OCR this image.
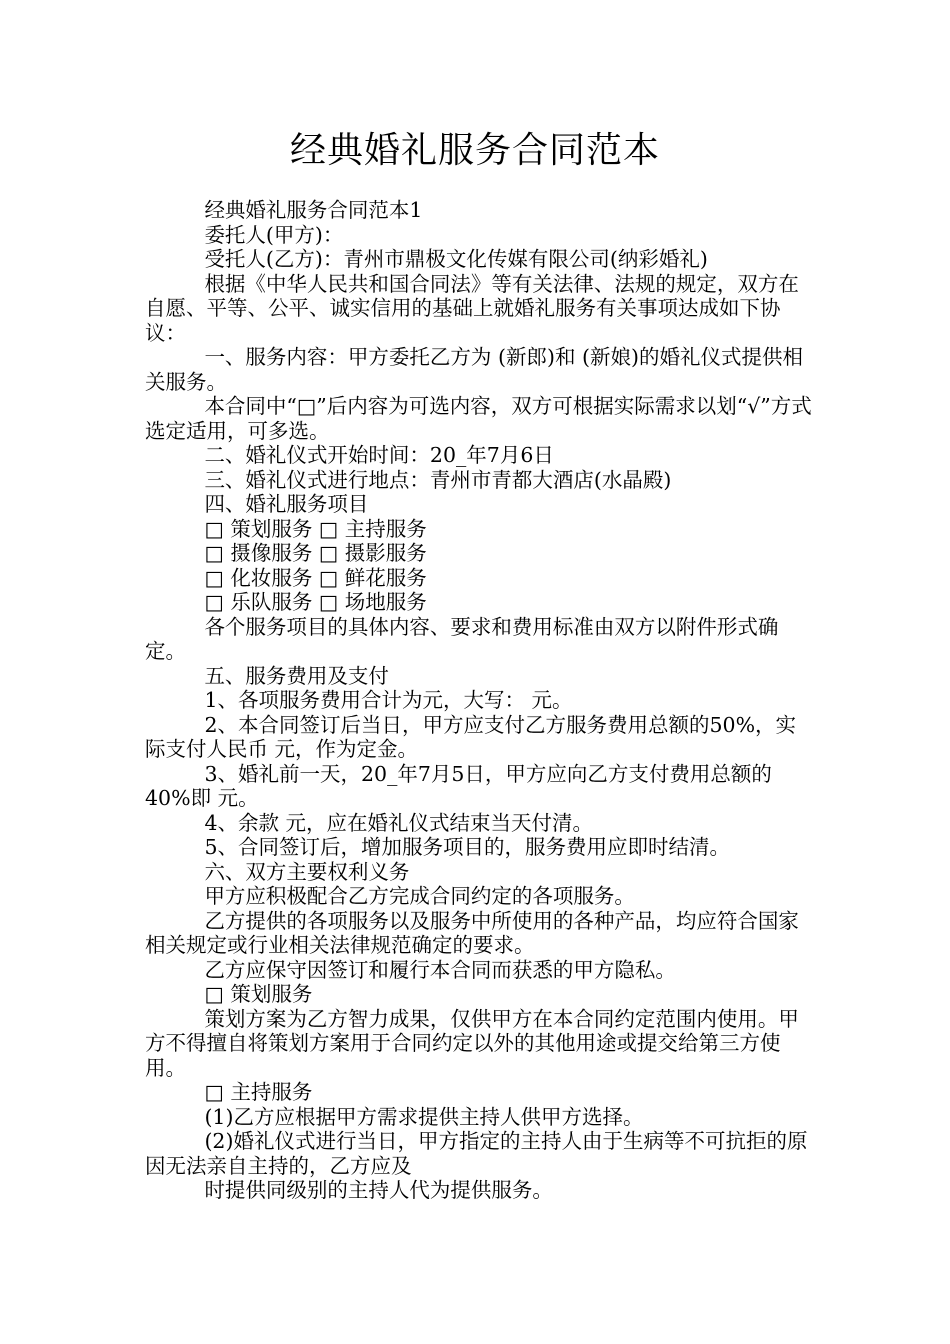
经典婚礼服务合同范本

经典婚礼服务合同范本1

委托人(甲方)：

受托人(乙方)：青州市鼎极文化传媒有限公司(纳彩婚礼)

根据《中华人民共和国合同法》等有关法律、法规的规定，双方在自愿、平等、公平、诚实信用的基础上就婚礼服务有关事项达成如下协议：

一、服务内容：甲方委托乙方为 (新郎)和 (新娘)的婚礼仪式提供相关服务。

本合同中“□”后内容为可选内容，双方可根据实际需求以划“√”方式选定适用，可多选。

二、婚礼仪式开始时间：20_年7月6日

三、婚礼仪式进行地点：青州市青都大酒店(水晶殿)

四、婚礼服务项目

□ 策划服务 □ 主持服务

□ 摄像服务 □ 摄影服务

□ 化妆服务 □ 鲜花服务

□ 乐队服务 □ 场地服务

各个服务项目的具体内容、要求和费用标准由双方以附件形式确定。

五、服务费用及支付

1、各项服务费用合计为元，大写： 元。

2、本合同签订后当日，甲方应支付乙方服务费用总额的50%，实际支付人民币 元，作为定金。

3、婚礼前一天，20_年7月5日，甲方应向乙方支付费用总额的40%即 元。

4、余款 元，应在婚礼仪式结束当天付清。

5、合同签订后，增加服务项目的，服务费用应即时结清。

六、双方主要权利义务

甲方应积极配合乙方完成合同约定的各项服务。

乙方提供的各项服务以及服务中所使用的各种产品，均应符合国家相关规定或行业相关法律规范确定的要求。

乙方应保守因签订和履行本合同而获悉的甲方隐私。

□ 策划服务

策划方案为乙方智力成果，仅供甲方在本合同约定范围内使用。甲方不得擅自将策划方案用于合同约定以外的其他用途或提交给第三方使用。

□ 主持服务

(1)乙方应根据甲方需求提供主持人供甲方选择。

(2)婚礼仪式进行当日，甲方指定的主持人由于生病等不可抗拒的原因无法亲自主持的，乙方应及

时提供同级别的主持人代为提供服务。
